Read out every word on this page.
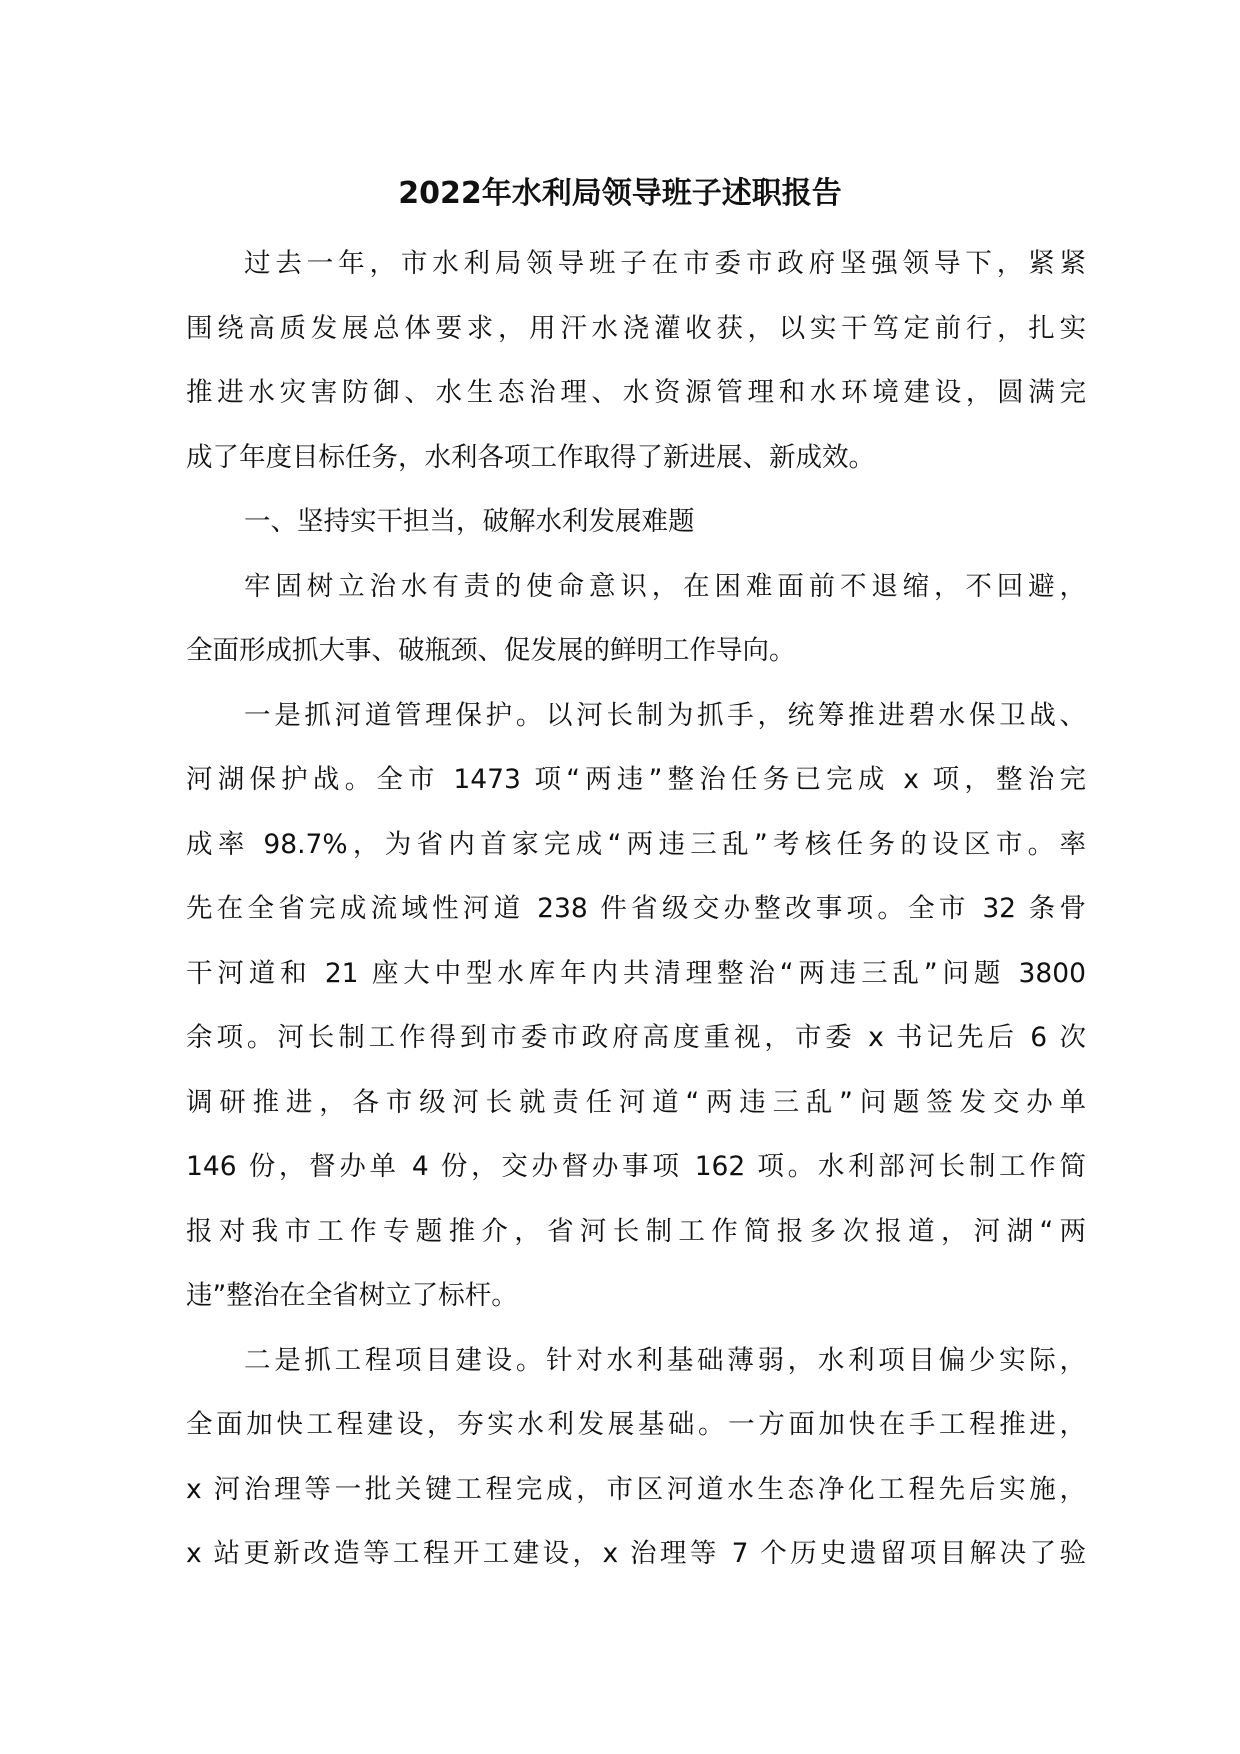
2022年水利局领导班子述职报告
过去一年，市水利局领导班子在市委市政府坚强领导下，紧紧
围绕高质发展总体要求，用汗水浇灌收获，以实干笃定前行，扎实
推进水灾害防御、水生态治理、水资源管理和水环境建设，圆满完
成了年度目标任务，水利各项工作取得了新进展、新成效。
一、坚持实干担当，破解水利发展难题
牢固树立治水有责的使命意识，在困难面前不退缩，不回避，
全面形成抓大事、破瓶颈、促发展的鲜明工作导向。
一是抓河道管理保护。以河长制为抓手，统筹推进碧水保卫战、
河湖保护战。全市 1473 项“两违”整治任务已完成 x 项，整治完
成率 98.7%，为省内首家完成“两违三乱”考核任务的设区市。率
先在全省完成流域性河道 238 件省级交办整改事项。全市 32 条骨
干河道和 21 座大中型水库年内共清理整治“两违三乱”问题 3800
余项。河长制工作得到市委市政府高度重视，市委 x 书记先后 6 次
调研推进，各市级河长就责任河道“两违三乱”问题签发交办单
146 份，督办单 4 份，交办督办事项 162 项。水利部河长制工作简
报对我市工作专题推介，省河长制工作简报多次报道，河湖“两
违”整治在全省树立了标杆。
二是抓工程项目建设。针对水利基础薄弱，水利项目偏少实际，
全面加快工程建设，夯实水利发展基础。一方面加快在手工程推进，
x 河治理等一批关键工程完成，市区河道水生态净化工程先后实施，
x 站更新改造等工程开工建设，x 治理等 7 个历史遗留项目解决了验
